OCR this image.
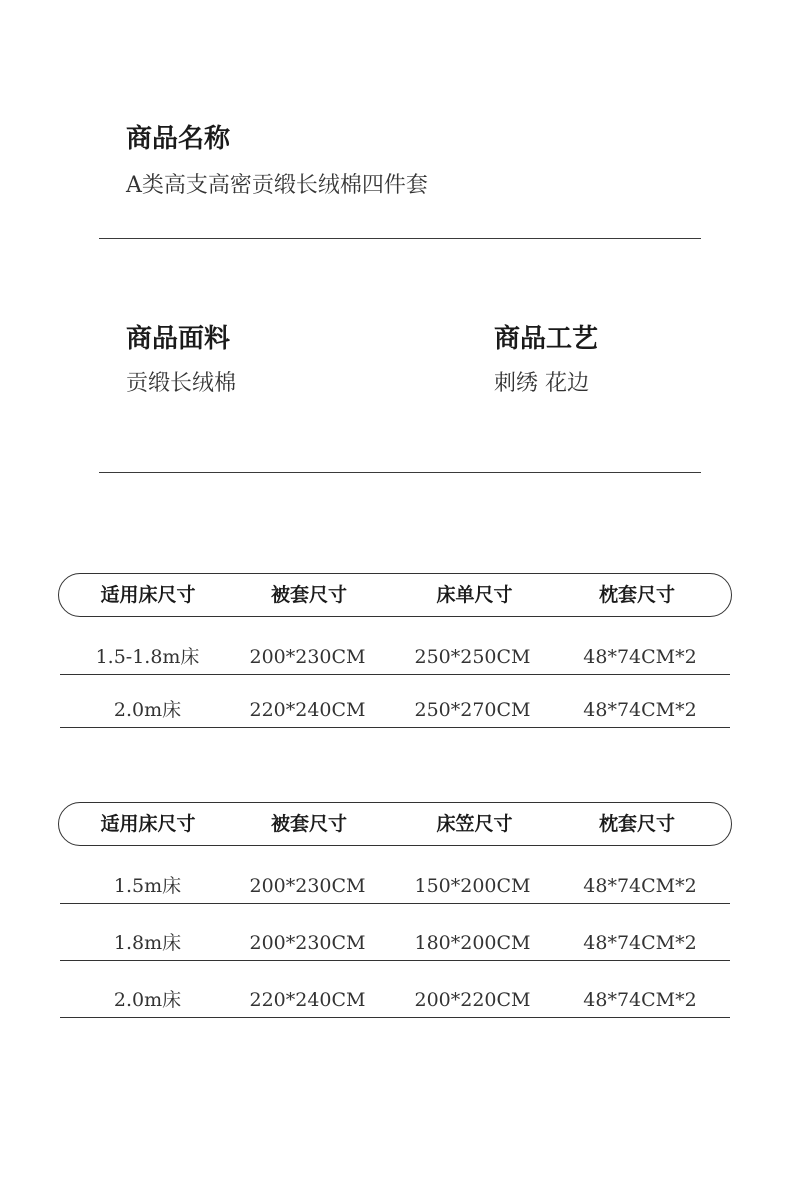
商品名称
A类高支高密贡缎长绒棉四件套
商品面料
贡缎长绒棉
商品工艺
刺绣 花边
适用床尺寸	被套尺寸	床单尺寸	枕套尺寸
1.5-1.8m床	200*230CM	250*250CM	48*74CM*2
2.0m床	220*240CM	250*270CM	48*74CM*2
适用床尺寸	被套尺寸	床笠尺寸	枕套尺寸
1.5m床	200*230CM	150*200CM	48*74CM*2
1.8m床	200*230CM	180*200CM	48*74CM*2
2.0m床	220*240CM	200*220CM	48*74CM*2
